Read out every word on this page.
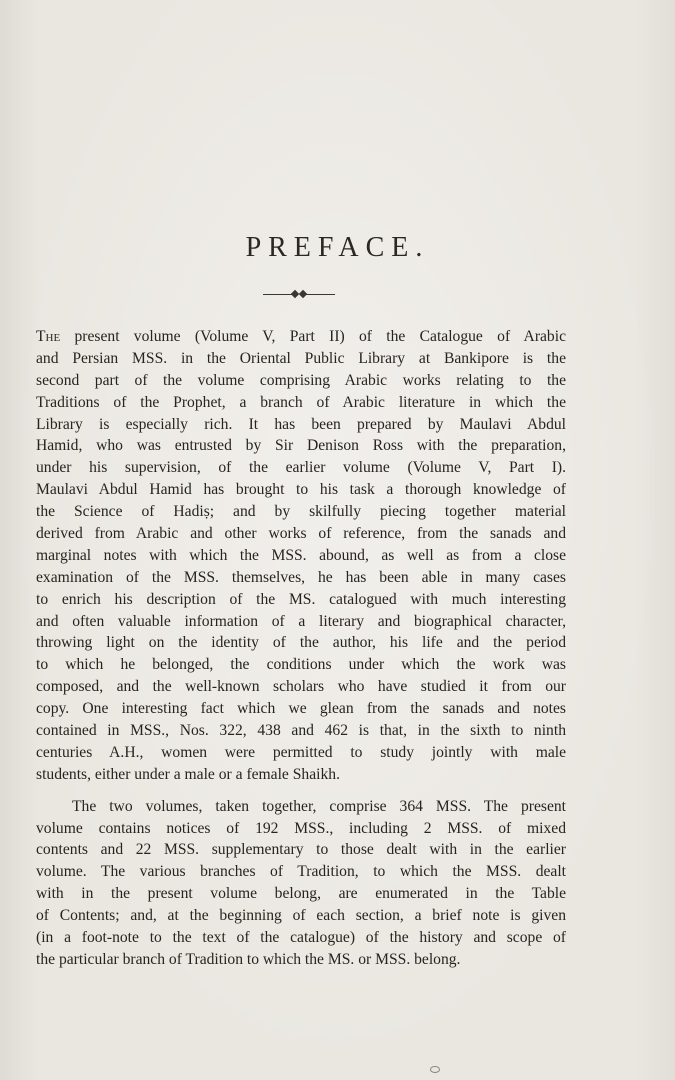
PREFACE.
The present volume (Volume V, Part II) of the Catalogue of Arabic
and Persian MSS. in the Oriental Public Library at Bankipore is the
second part of the volume comprising Arabic works relating to the
Traditions of the Prophet, a branch of Arabic literature in which the
Library is especially rich. It has been prepared by Maulavi Abdul
Hamid, who was entrusted by Sir Denison Ross with the preparation,
under his supervision, of the earlier volume (Volume V, Part I).
Maulavi Abdul Hamid has brought to his task a thorough knowledge of
the Science of Hadiṣ; and by skilfully piecing together material
derived from Arabic and other works of reference, from the sanads and
marginal notes with which the MSS. abound, as well as from a close
examination of the MSS. themselves, he has been able in many cases
to enrich his description of the MS. catalogued with much interesting
and often valuable information of a literary and biographical character,
throwing light on the identity of the author, his life and the period
to which he belonged, the conditions under which the work was
composed, and the well-known scholars who have studied it from our
copy. One interesting fact which we glean from the sanads and notes
contained in MSS., Nos. 322, 438 and 462 is that, in the sixth to ninth
centuries A.H., women were permitted to study jointly with male
students, either under a male or a female Shaikh.
The two volumes, taken together, comprise 364 MSS. The present
volume contains notices of 192 MSS., including 2 MSS. of mixed
contents and 22 MSS. supplementary to those dealt with in the earlier
volume. The various branches of Tradition, to which the MSS. dealt
with in the present volume belong, are enumerated in the Table
of Contents; and, at the beginning of each section, a brief note is given
(in a foot-note to the text of the catalogue) of the history and scope of
the particular branch of Tradition to which the MS. or MSS. belong.
